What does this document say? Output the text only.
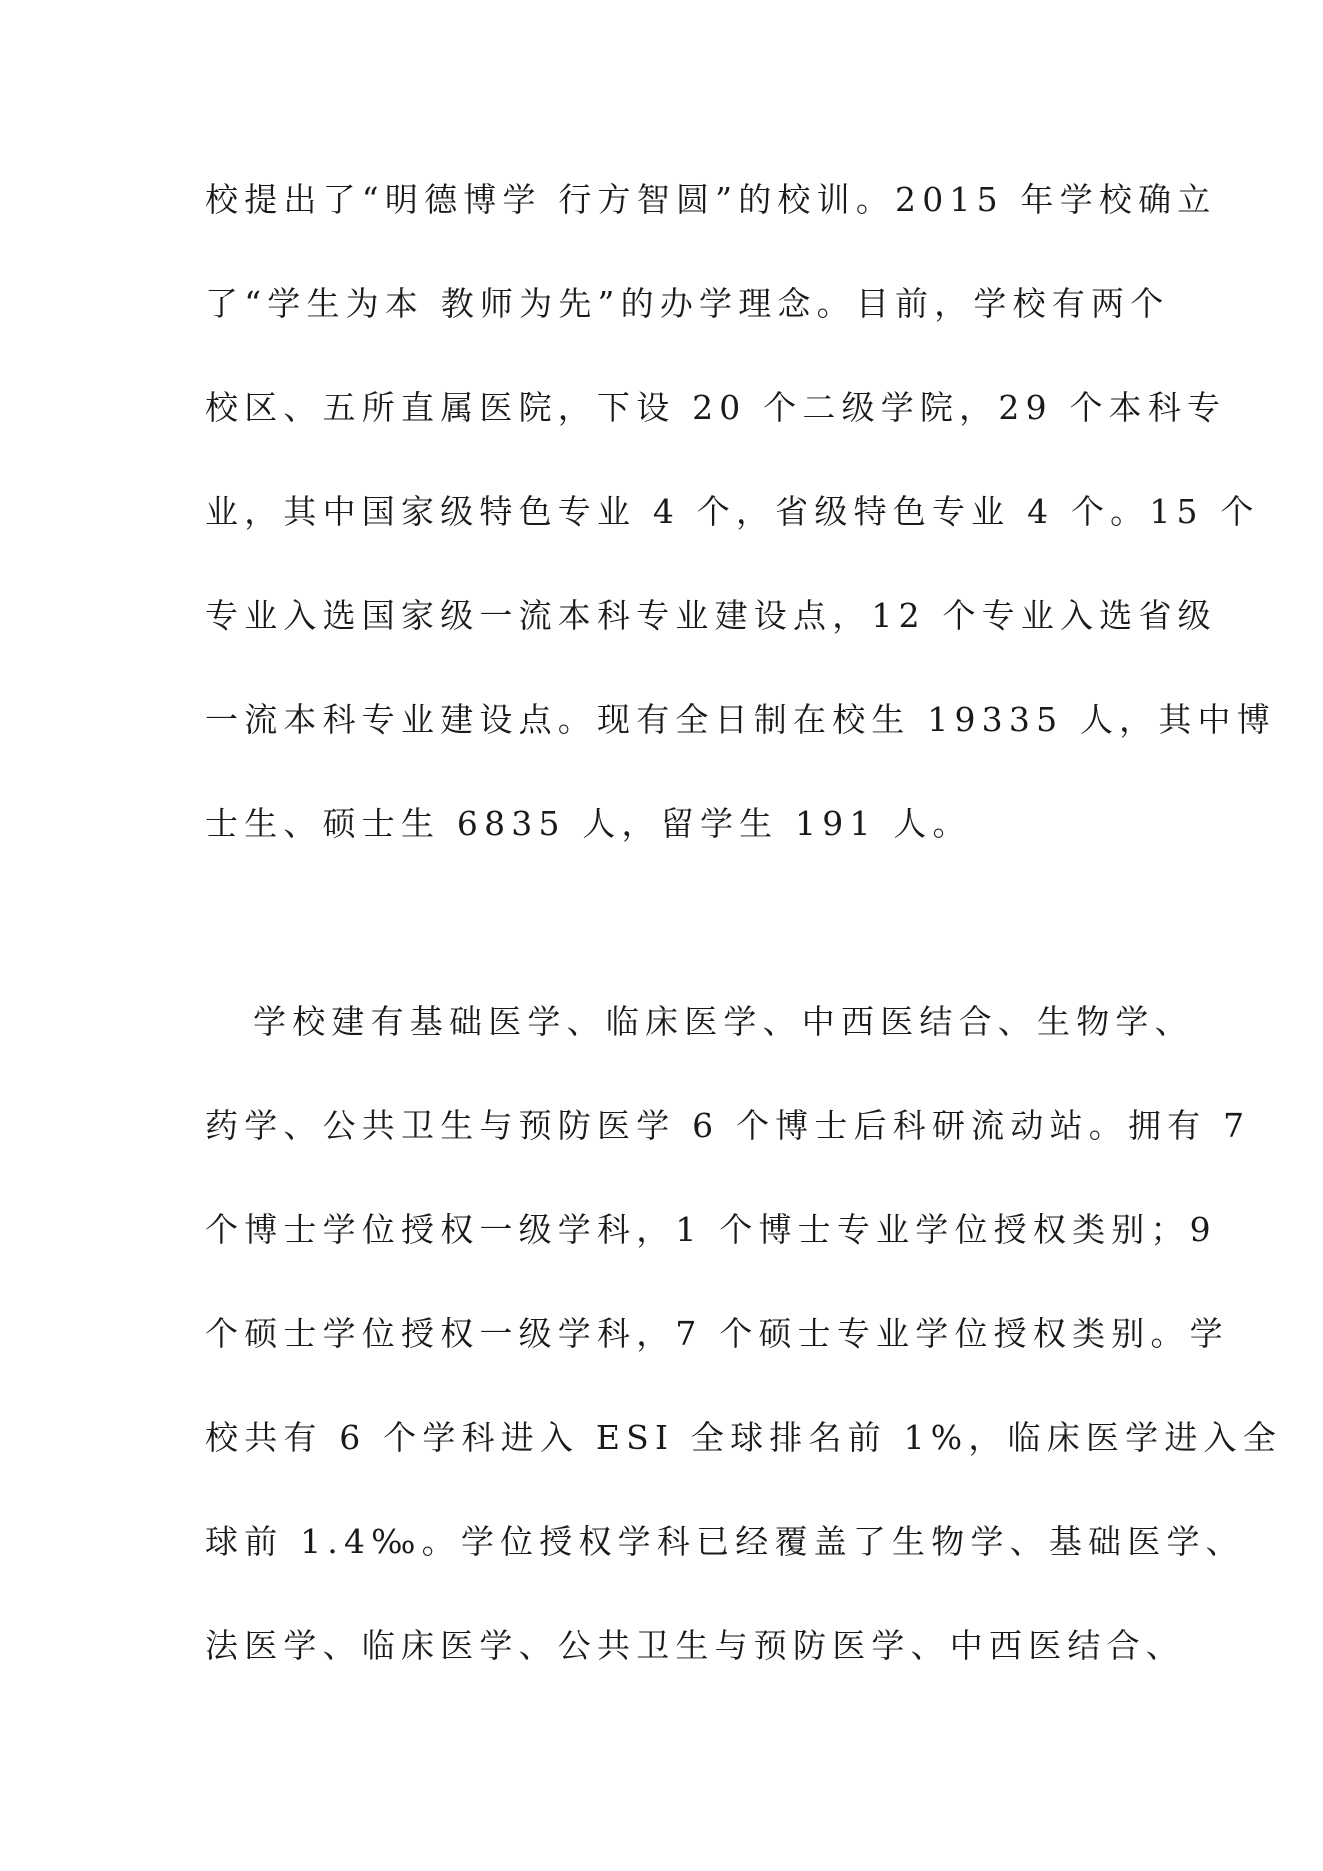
校提出了“明德博学 行方智圆”的校训。2015 年学校确立
了“学生为本 教师为先”的办学理念。目前，学校有两个
校区、五所直属医院，下设 20 个二级学院，29 个本科专
业，其中国家级特色专业 4 个，省级特色专业 4 个。15 个
专业入选国家级一流本科专业建设点，12 个专业入选省级
一流本科专业建设点。现有全日制在校生 19335 人，其中博
士生、硕士生 6835 人，留学生 191 人。
学校建有基础医学、临床医学、中西医结合、生物学、
药学、公共卫生与预防医学 6 个博士后科研流动站。拥有 7
个博士学位授权一级学科，1 个博士专业学位授权类别；9
个硕士学位授权一级学科，7 个硕士专业学位授权类别。学
校共有 6 个学科进入 ESI 全球排名前 1%，临床医学进入全
球前 1.4‰。学位授权学科已经覆盖了生物学、基础医学、
法医学、临床医学、公共卫生与预防医学、中西医结合、
